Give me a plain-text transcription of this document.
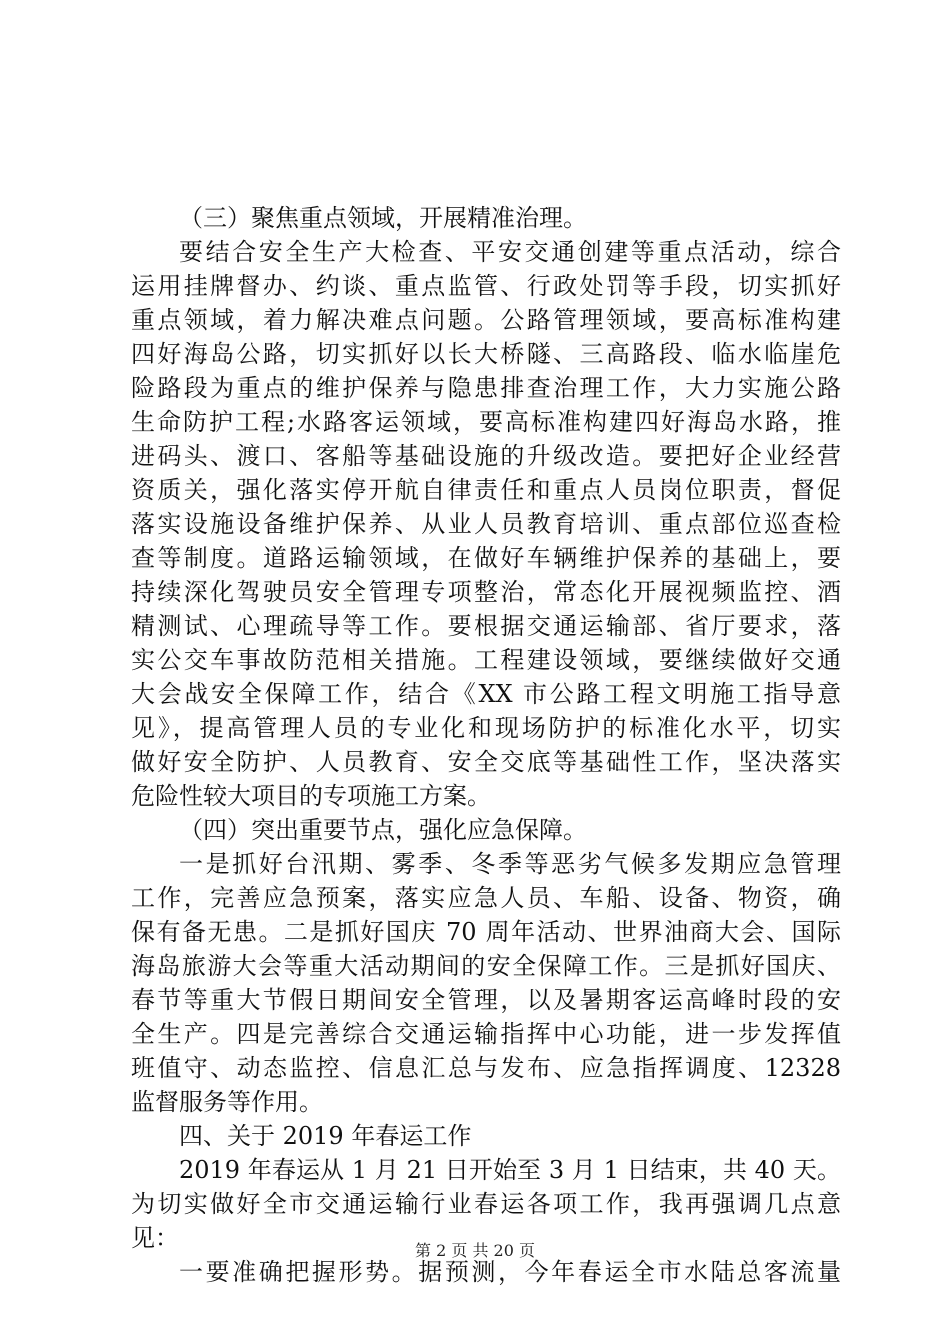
（三）聚焦重点领域，开展精准治理。
要结合安全生产大检查、平安交通创建等重点活动，综合
运用挂牌督办、约谈、重点监管、行政处罚等手段，切实抓好
重点领域，着力解决难点问题。公路管理领域，要高标准构建
四好海岛公路，切实抓好以长大桥隧、三高路段、临水临崖危
险路段为重点的维护保养与隐患排查治理工作，大力实施公路
生命防护工程;水路客运领域，要高标准构建四好海岛水路，推
进码头、渡口、客船等基础设施的升级改造。要把好企业经营
资质关，强化落实停开航自律责任和重点人员岗位职责，督促
落实设施设备维护保养、从业人员教育培训、重点部位巡查检
查等制度。道路运输领域，在做好车辆维护保养的基础上，要
持续深化驾驶员安全管理专项整治，常态化开展视频监控、酒
精测试、心理疏导等工作。要根据交通运输部、省厅要求，落
实公交车事故防范相关措施。工程建设领域，要继续做好交通
大会战安全保障工作，结合《XX 市公路工程文明施工指导意
见》，提高管理人员的专业化和现场防护的标准化水平，切实
做好安全防护、人员教育、安全交底等基础性工作，坚决落实
危险性较大项目的专项施工方案。
（四）突出重要节点，强化应急保障。
一是抓好台汛期、雾季、冬季等恶劣气候多发期应急管理
工作，完善应急预案，落实应急人员、车船、设备、物资，确
保有备无患。二是抓好国庆 70 周年活动、世界油商大会、国际
海岛旅游大会等重大活动期间的安全保障工作。三是抓好国庆、
春节等重大节假日期间安全管理，以及暑期客运高峰时段的安
全生产。四是完善综合交通运输指挥中心功能，进一步发挥值
班值守、动态监控、信息汇总与发布、应急指挥调度、12328
监督服务等作用。
四、关于 2019 年春运工作
2019 年春运从 1 月 21 日开始至 3 月 1 日结束，共 40 天。
为切实做好全市交通运输行业春运各项工作，我再强调几点意
见：
一要准确把握形势。据预测，今年春运全市水陆总客流量
第 2 页 共 20 页
